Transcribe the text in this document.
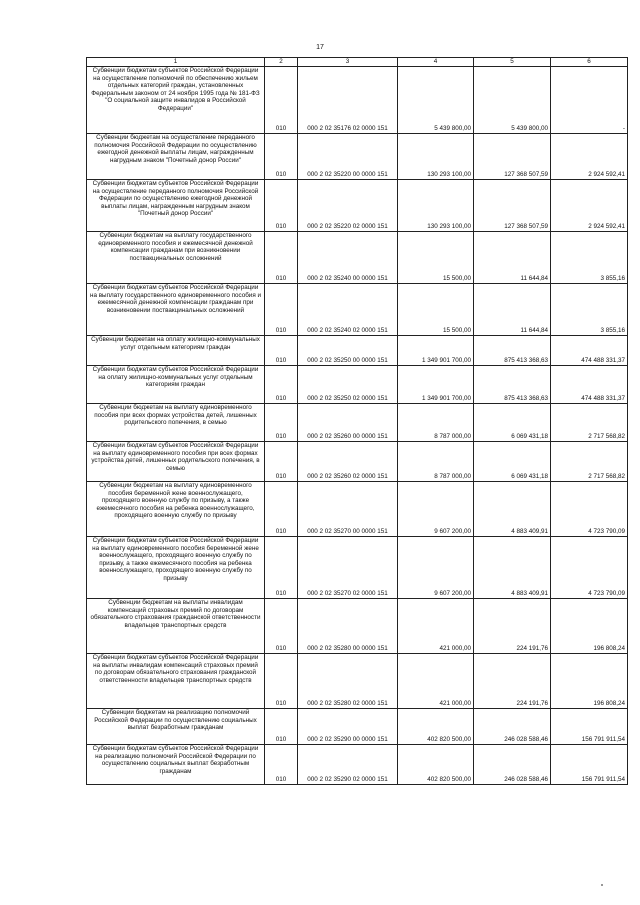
17
1	2	3	4	5	6
Субвенции бюджетам субъектов Российской Федерации на осуществление полномочий по обеспечению жильем отдельных категорий граждан, установленных Федеральным законом от 24 ноября 1995 года № 181-ФЗ "О социальной защите инвалидов в Российской Федерации"	010	000 2 02 35176 02 0000 151	5 439 800,00	5 439 800,00	-
Субвенции бюджетам на осуществление переданного полномочия Российской Федерации по осуществлению ежегодной денежной выплаты лицам, награжденным нагрудным знаком "Почетный донор России"	010	000 2 02 35220 00 0000 151	130 293 100,00	127 368 507,59	2 924 592,41
Субвенции бюджетам субъектов Российской Федерации на осуществление переданного полномочия Российской Федерации по осуществлению ежегодной денежной выплаты лицам, награжденным нагрудным знаком "Почетный донор России"	010	000 2 02 35220 02 0000 151	130 293 100,00	127 368 507,59	2 924 592,41
Субвенции бюджетам на выплату государственного единовременного пособия и ежемесячной денежной компенсации гражданам при возникновении поствакцинальных осложнений	010	000 2 02 35240 00 0000 151	15 500,00	11 644,84	3 855,16
Субвенции бюджетам субъектов Российской Федерации на выплату государственного единовременного пособия и ежемесячной денежной компенсации гражданам при возникновении поствакцинальных осложнений	010	000 2 02 35240 02 0000 151	15 500,00	11 644,84	3 855,16
Субвенции бюджетам на оплату жилищно-коммунальных услуг отдельным категориям граждан	010	000 2 02 35250 00 0000 151	1 349 901 700,00	875 413 368,63	474 488 331,37
Субвенции бюджетам субъектов Российской Федерации на оплату жилищно-коммунальных услуг отдельным категориям граждан	010	000 2 02 35250 02 0000 151	1 349 901 700,00	875 413 368,63	474 488 331,37
Субвенции бюджетам на выплату единовременного пособия при всех формах устройства детей, лишенных родительского попечения, в семью	010	000 2 02 35260 00 0000 151	8 787 000,00	6 069 431,18	2 717 568,82
Субвенции бюджетам субъектов Российской Федерации на выплату единовременного пособия при всех формах устройства детей, лишенных родительского попечения, в семью	010	000 2 02 35260 02 0000 151	8 787 000,00	6 069 431,18	2 717 568,82
Субвенции бюджетам на выплату единовременного пособия беременной жене военнослужащего, проходящего военную службу по призыву, а также ежемесячного пособия на ребенка военнослужащего, проходящего военную службу по призыву	010	000 2 02 35270 00 0000 151	9 607 200,00	4 883 409,91	4 723 790,09
Субвенции бюджетам субъектов Российской Федерации на выплату единовременного пособия беременной жене военнослужащего, проходящего военную службу по призыву, а также ежемесячного пособия на ребенка военнослужащего, проходящего военную службу по призыву	010	000 2 02 35270 02 0000 151	9 607 200,00	4 883 409,91	4 723 790,09
Субвенции бюджетам на выплаты инвалидам компенсаций страховых премий по договорам обязательного страхования гражданской ответственности владельцев транспортных средств	010	000 2 02 35280 00 0000 151	421 000,00	224 191,76	196 808,24
Субвенции бюджетам субъектов Российской Федерации на выплаты инвалидам компенсаций страховых премий по договорам обязательного страхования гражданской ответственности владельцев транспортных средств	010	000 2 02 35280 02 0000 151	421 000,00	224 191,76	196 808,24
Субвенции бюджетам на реализацию полномочий Российской Федерации по осуществлению социальных выплат безработным гражданам	010	000 2 02 35290 00 0000 151	402 820 500,00	246 028 588,46	156 791 911,54
Субвенции бюджетам субъектов Российской Федерации на реализацию полномочий Российской Федерации по осуществлению социальных выплат безработным гражданам	010	000 2 02 35290 02 0000 151	402 820 500,00	246 028 588,46	156 791 911,54
